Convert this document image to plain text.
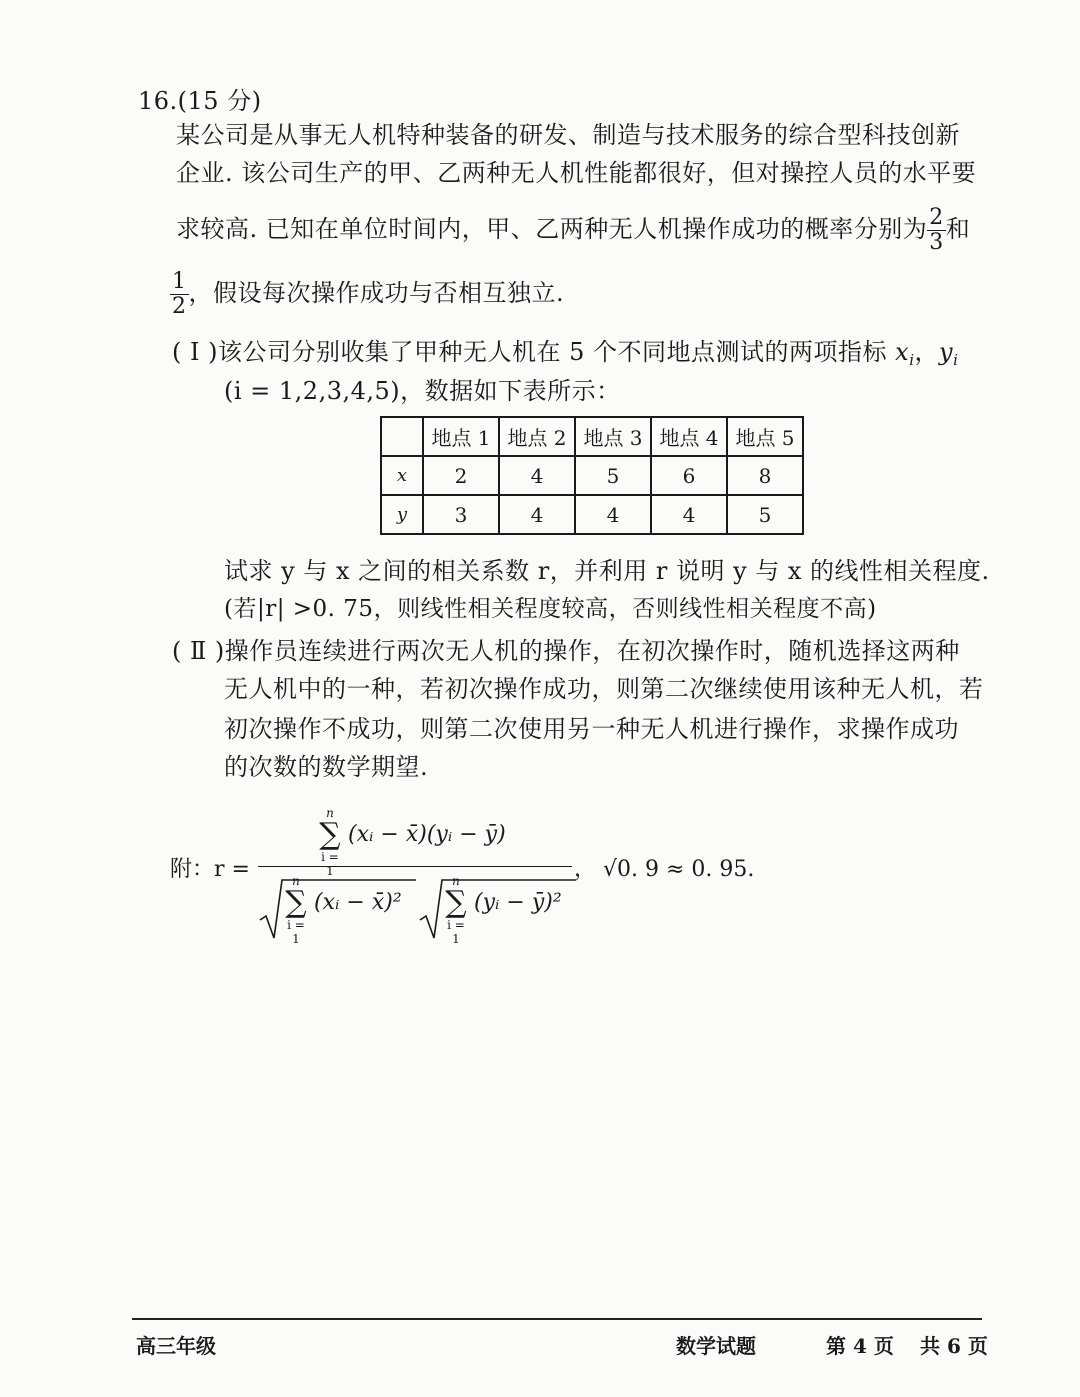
16.(15 分)
某公司是从事无人机特种装备的研发、制造与技术服务的综合型科技创新
企业. 该公司生产的甲、乙两种无人机性能都很好，但对操控人员的水平要
求较高. 已知在单位时间内，甲、乙两种无人机操作成功的概率分别为 $\frac{2}{3}$ 和
$\frac{1}{2}$ ，假设每次操作成功与否相互独立.
( Ⅰ )该公司分别收集了甲种无人机在 5 个不同地点测试的两项指标 $x_i$，$y_i$
(i = 1,2,3,4,5)，数据如下表所示：
	地点 1	地点 2	地点 3	地点 4	地点 5
x	2	4	5	6	8
y	3	4	4	4	5
试求 y 与 x 之间的相关系数 r，并利用 r 说明 y 与 x 的线性相关程度.
(若|r| >0. 75，则线性相关程度较高，否则线性相关程度不高)
( Ⅱ )操作员连续进行两次无人机的操作，在初次操作时，随机选择这两种
无人机中的一种，若初次操作成功，则第二次继续使用该种无人机，若
初次操作不成功，则第二次使用另一种无人机进行操作，求操作成功
的次数的数学期望.
附：r =
n
∑
i = 1
(xᵢ − x̄)(yᵢ − ȳ)
n
∑
i = 1
(xᵢ − x̄)²
n
∑
i = 1
(yᵢ − ȳ)²
， √0. 9 ≈ 0. 95.
高三年级	数学试题	第 4 页 共 6 页
